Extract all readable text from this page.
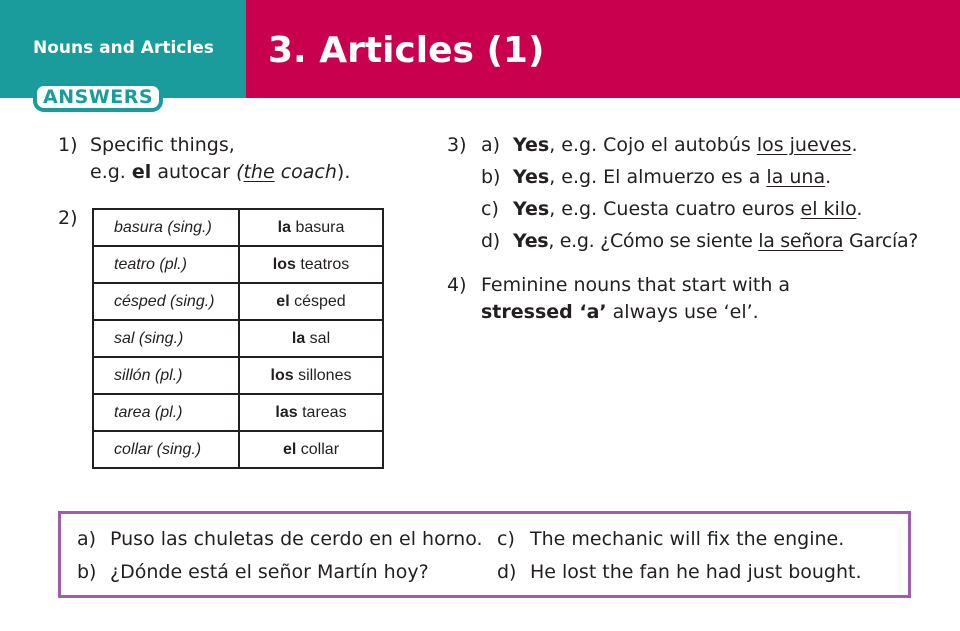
Nouns and Articles 3. Articles (1)
ANSWERS
1) Specific things,
e.g. el autocar (the coach).
2) basura (sing.)	la basura
teatro (pl.)	los teatros
césped (sing.)	el césped
sal (sing.)	la sal
sillón (pl.)	los sillones
tarea (pl.)	las tareas
collar (sing.)	el collar
3) a) Yes, e.g. Cojo el autobús los jueves.
b) Yes, e.g. El almuerzo es a la una.
c) Yes, e.g. Cuesta cuatro euros el kilo.
d) Yes, e.g. ¿Cómo se siente la señora García?
4) Feminine nouns that start with a
stressed ‘a’ always use ‘el’.
a) Puso las chuletas de cerdo en el horno.
b) ¿Dónde está el señor Martín hoy?
c) The mechanic will fix the engine.
d) He lost the fan he had just bought.
